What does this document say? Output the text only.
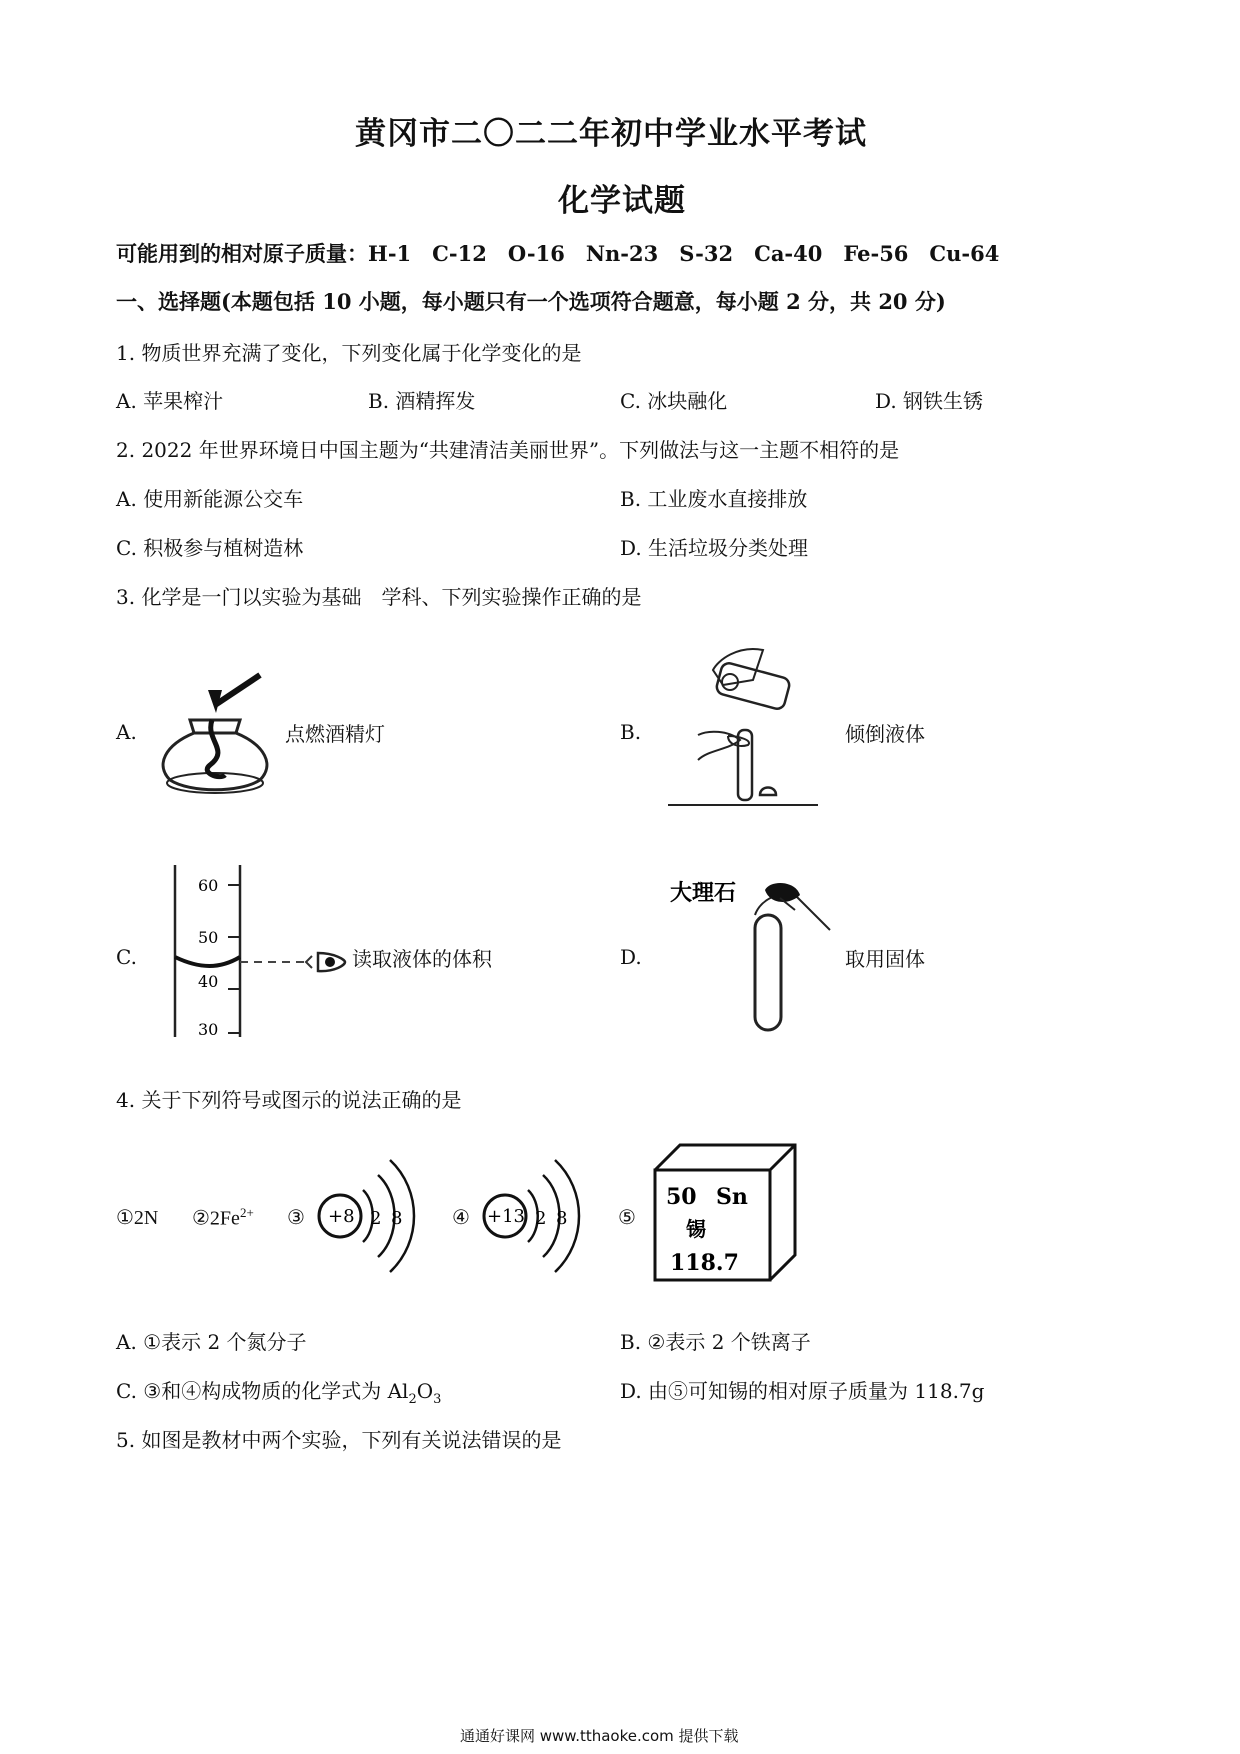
黄冈市二〇二二年初中学业水平考试
化学试题
可能用到的相对原子质量：H-1　C-12　O-16　Nn-23　S-32　Ca-40　Fe-56　Cu-64
一、选择题(本题包括 10 小题，每小题只有一个选项符合题意，每小题 2 分，共 20 分)
1. 物质世界充满了变化，下列变化属于化学变化的是
A. 苹果榨汁	B. 酒精挥发	C. 冰块融化	D. 钢铁生锈
2. 2022 年世界环境日中国主题为“共建清洁美丽世界”。下列做法与这一主题不相符的是
A. 使用新能源公交车	B. 工业废水直接排放
C. 积极参与植树造林	D. 生活垃圾分类处理
3. 化学是一门以实验为基础　学科、下列实验操作正确的是
A.	点燃酒精灯	B.	倾倒液体
C.
60
50
40
30
读取液体的体积	D.
大理石
取用固体
4. 关于下列符号或图示的说法正确的是
①2N $②2Fe^{2+}$ ③ +8 2 8 ④ +13 2 8	⑤
50 Sn
锡
118.7
A. ①表示 2 个氮分子	B. ②表示 2 个铁离子
C. ③和④构成物质的化学式为 $Al_2O_3$	D. 由⑤可知锡的相对原子质量为 118.7g
5. 如图是教材中两个实验，下列有关说法错误的是
通通好课网 www.tthaoke.com 提供下载
